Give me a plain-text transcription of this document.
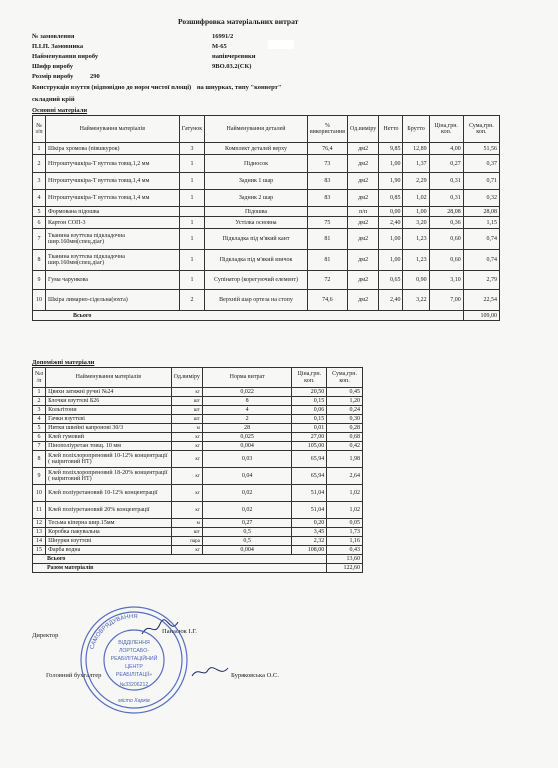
Розшифровка матеріальних витрат
№ замовлення	16991/2
П.І.П. Замовника	М-65
Найменування виробу	напівчеревики
Шифр виробу	9ВО.03.2(СК)
Розмір виробу	290
Конструкція взуття (відповідно до норм чистої площі) на шнурках, типу "конверт"
складний крій
Основні матеріали
№ з/п	Найменування матеріалів	Гатунок	Найменування деталей	% використання	Од.виміру	Нетто	Брутто	Ціна,грн. коп.	Сума,грн. коп.
1	Шкіра хромова (півшкурок)	3	Комплект деталей верху	76,4	дм2	9,85	12,89	4,00	51,56
2	Нітроштучшкіра-Т вуттєва товщ.1,2 мм	1	Підносок	73	дм2	1,00	1,37	0,27	0,37
3	Нітроштучшкіра-Т вуттєва товщ.1,4 мм	1	Задник 1 шар	83	дм2	1,90	2,29	0,31	0,71
4	Нітроштучшкіра-Т вуттєва товщ.1,4 мм	1	Задник 2 шар	83	дм2	0,85	1,02	0,31	0,32
5	Формована підошва		Підошва		п/п	0,00	1,00	28,08	28,08
6	Картон СОП-3	1	Устілка основна	75	дм2	2,40	3,20	0,36	1,15
7	Тканина взуттєва підкладочна шир.160мм(спец.діаг)	1	Підкладка під м'який кант	81	дм2	1,00	1,23	0,60	0,74
8	Тканина взуттєва підкладочна шир.160мм(спец.діаг)	1	Підкладка під м'який язичок	81	дм2	1,00	1,23	0,60	0,74
9	Гума чарункова	1	Супінатор (корегуючий елемент)	72	дм2	0,65	0,90	3,10	2,79
10	Шкіра лимарно-сідельна(юхта)	2	Верхній шар ортеза на стопу	74,6	дм2	2,40	3,22	7,00	22,54
Всього									109,00
Допоміжні матеріали
№з /п	Найменування матеріалів	Од.виміру	Норма витрат	Ціна,грн. коп.	Сума,грн. коп.
1	Цвяхи затяжні ручні №24	кг	0,022	20,50	0,45
2	Блочки взуттєві Б26	шт	8	0,15	1,20
3	Кольгітони	шт	4	0,06	0,24
4	Гачки взуттєві	шт	2	0,15	0,30
5	Нитки швейні капронові 30/3	м	28	0,01	0,28
6	Клей гумовий	кг	0,025	27,00	0,68
7	Пінополіуретан товщ. 10 мм	кг	0,004	105,00	0,42
8	Клей поліхлоропреновий 10-12% концентрації ( наіритовий НТ)	кг	0,03	65,94	1,98
9	Клей поліхлоропреновий 18-20% концентрації ( наіритовий НТ)	кг	0,04	65,94	2,64
10	Клей поліуретановий 10-12% концентрації	кг	0,02	51,04	1,02
11	Клей поліуретановий 20% концентрації	кг	0,02	51,04	1,02
12	Тесьма кіперна шир.15мм	м	0,27	0,20	0,05
13	Коробка пакувальна	шт	0,5	3,45	1,73
14	Шнурки взуттєві	пара	0,5	2,32	1,16
15	Фарба водна	кг	0,004	108,00	0,43
Всього					13,60
Разом матеріалів					122,60
Директор
Панасюк І.Г.
Головний бухгалтер	Буряковська О.С.
САМОВРЯДУВАННЯ
ВІДДІЛЕННЯ
ЛОРТСАБО-
РЕАБІЛІТАЦІЙНИЙ
ЦЕНТР
РЕАБІЛІТАЦІЇ»
№33206212
місто Харків
